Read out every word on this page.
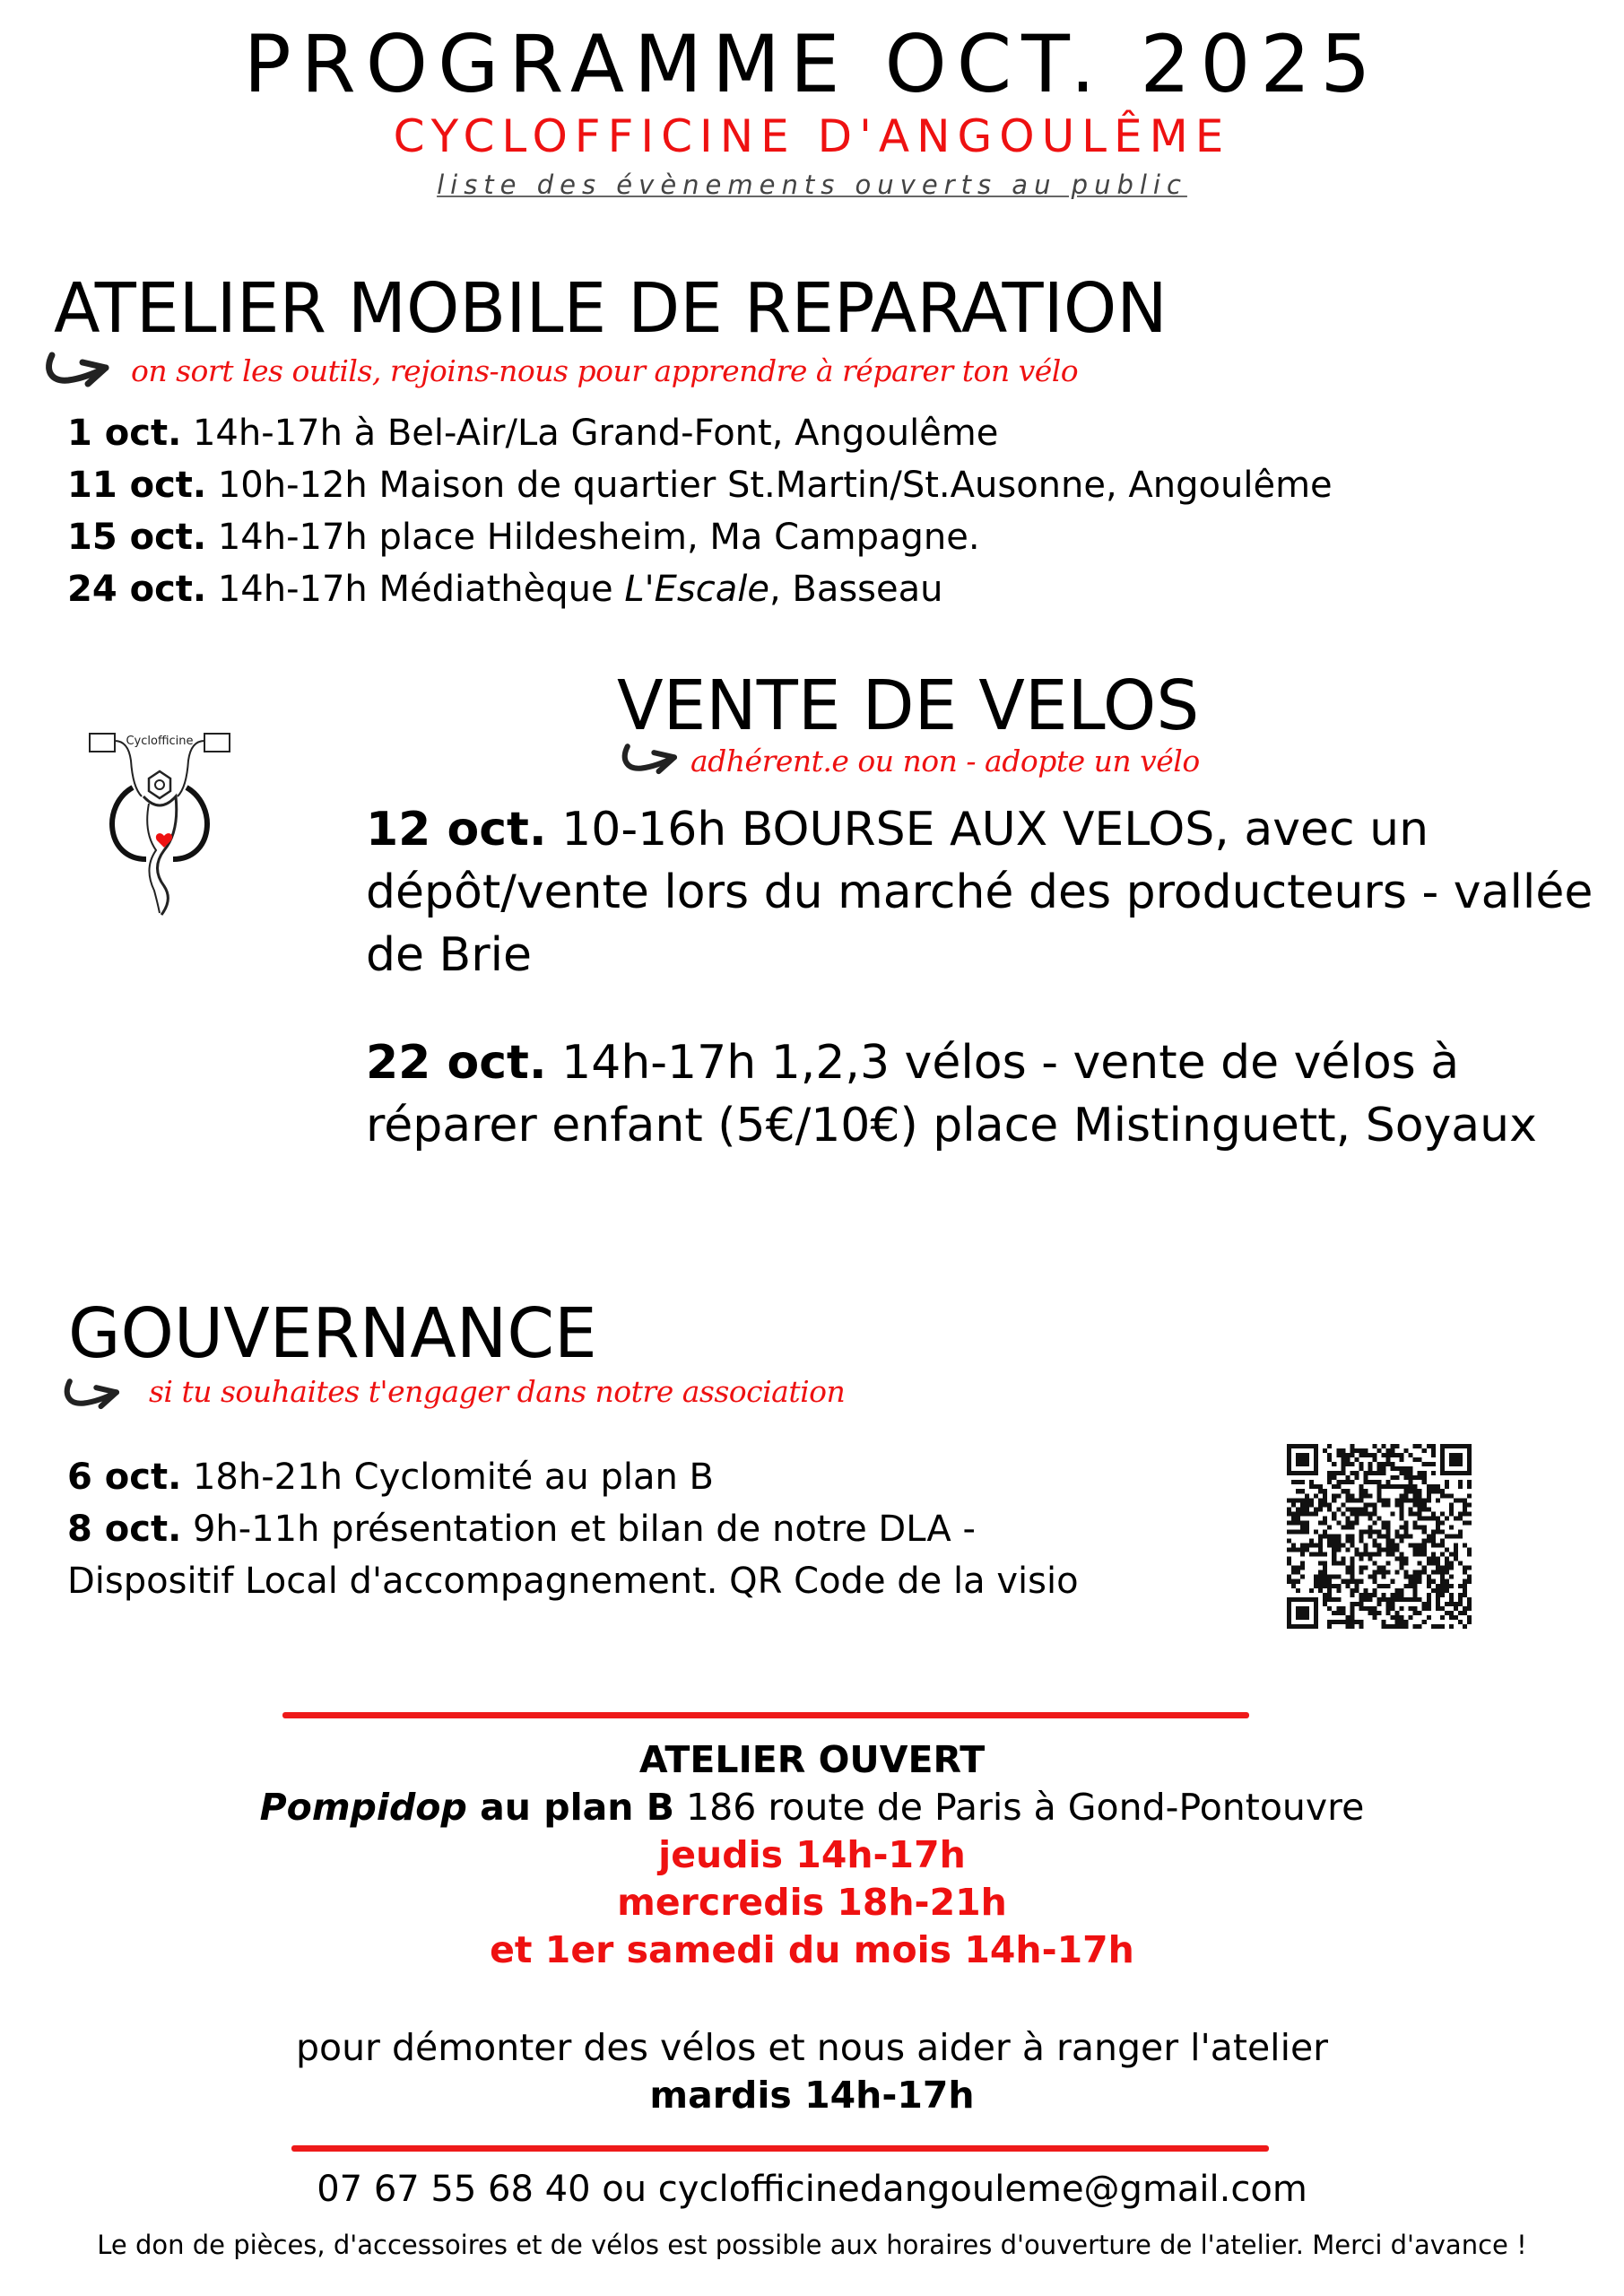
PROGRAMME OCT. 2025
CYCLOFFICINE D'ANGOULÊME
liste des évènements ouverts au public
ATELIER MOBILE DE REPARATION
on sort les outils, rejoins-nous pour apprendre à réparer ton vélo
1 oct. 14h-17h à Bel-Air/La Grand-Font, Angoulême
11 oct. 10h-12h Maison de quartier St.Martin/St.Ausonne, Angoulême
15 oct. 14h-17h place Hildesheim, Ma Campagne.
24 oct. 14h-17h Médiathèque L'Escale, Basseau
Cyclofficine	VENTE DE VELOS
adhérent.e ou non - adopte un vélo
12 oct. 10-16h BOURSE AUX VELOS, avec un dépôt/vente lors du marché des producteurs - vallée de Brie
22 oct. 14h-17h 1,2,3 vélos - vente de vélos à réparer enfant (5€/10€) place Mistinguett, Soyaux
GOUVERNANCE
si tu souhaites t'engager dans notre association
6 oct. 18h-21h Cyclomité au plan B
8 oct. 9h-11h présentation et bilan de notre DLA -
Dispositif Local d'accompagnement. QR Code de la visio
ATELIER OUVERT
Pompidop au plan B 186 route de Paris à Gond-Pontouvre
jeudis 14h-17h
mercredis 18h-21h
et 1er samedi du mois 14h-17h
pour démonter des vélos et nous aider à ranger l'atelier
mardis 14h-17h
07 67 55 68 40 ou cyclofficinedangouleme@gmail.com
Le don de pièces, d'accessoires et de vélos est possible aux horaires d'ouverture de l'atelier. Merci d'avance !
